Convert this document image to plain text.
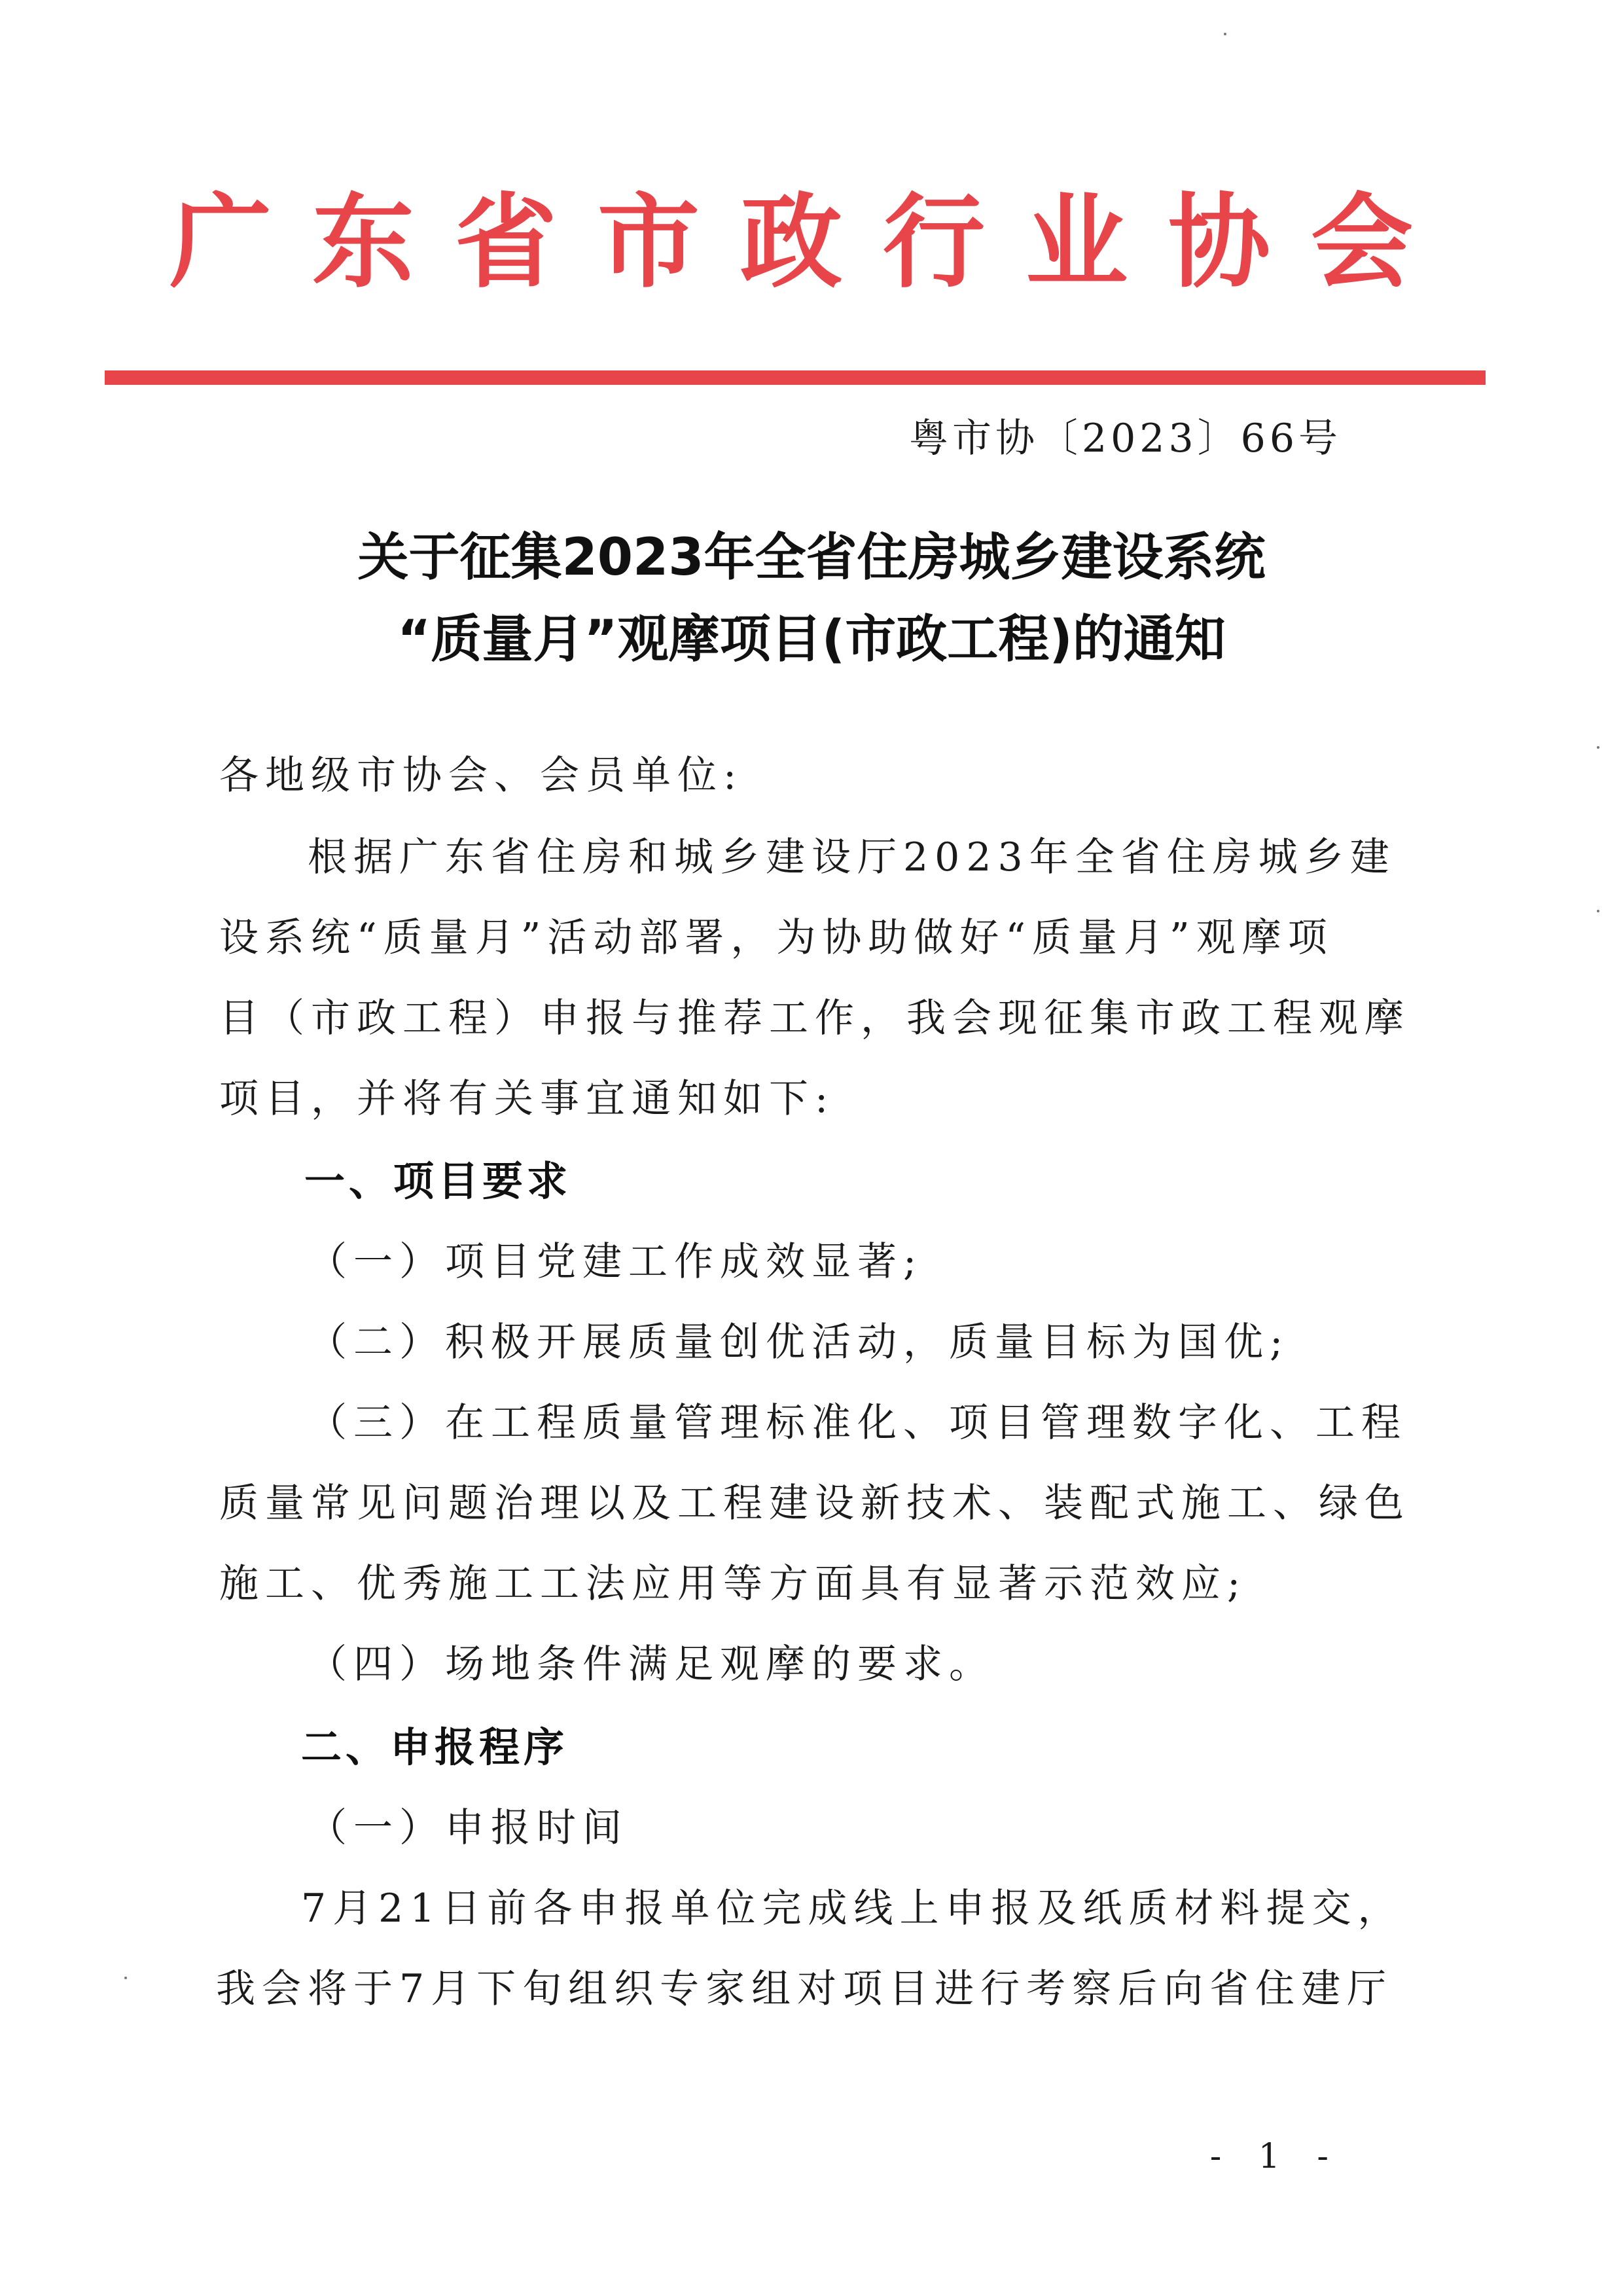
广东省市政行业协会
粤市协〔2023〕66号
关于征集2023年全省住房城乡建设系统
“质量月”观摩项目(市政工程)的通知
各地级市协会、会员单位:
根据广东省住房和城乡建设厅2023年全省住房城乡建
设系统“质量月”活动部署，为协助做好“质量月”观摩项
目（市政工程）申报与推荐工作，我会现征集市政工程观摩
项目，并将有关事宜通知如下:
一、项目要求
（一）项目党建工作成效显著;
（二）积极开展质量创优活动，质量目标为国优;
（三）在工程质量管理标准化、项目管理数字化、工程
质量常见问题治理以及工程建设新技术、装配式施工、绿色
施工、优秀施工工法应用等方面具有显著示范效应;
（四）场地条件满足观摩的要求。
二、申报程序
（一）申报时间
7月21日前各申报单位完成线上申报及纸质材料提交，
我会将于7月下旬组织专家组对项目进行考察后向省住建厅
- 1 -
